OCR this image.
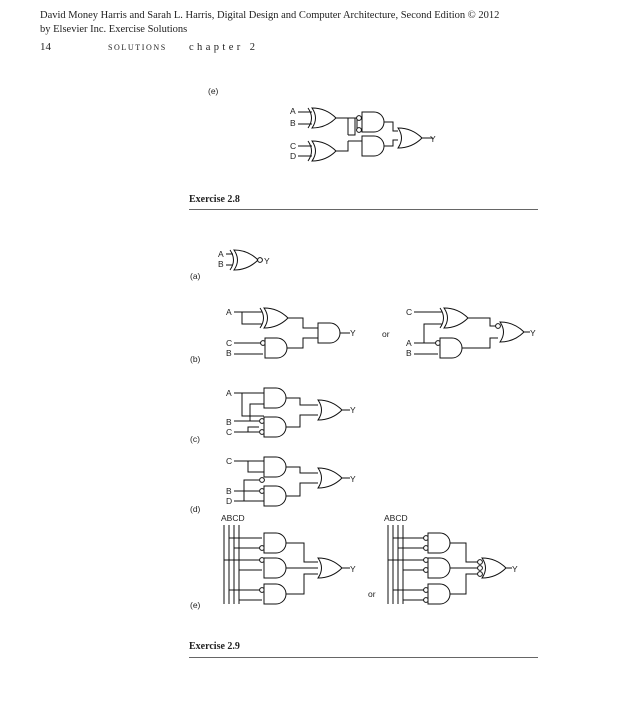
David Money Harris and Sarah L. Harris, Digital Design and Computer Architecture, Second Edition © 2012
by Elsevier Inc. Exercise Solutions
14	SOLUTIONS chapter 2
Exercise 2.8
Exercise 2.9
(e)
A
B
C
D
Y
A
B	Y
(a)
A
C
B
Y
(b)
or
C
A
B
Y
A
B
C
Y
(c)
C
B
D
Y
(d)
ABCD
Y
(e)
or
ABCD
Y
